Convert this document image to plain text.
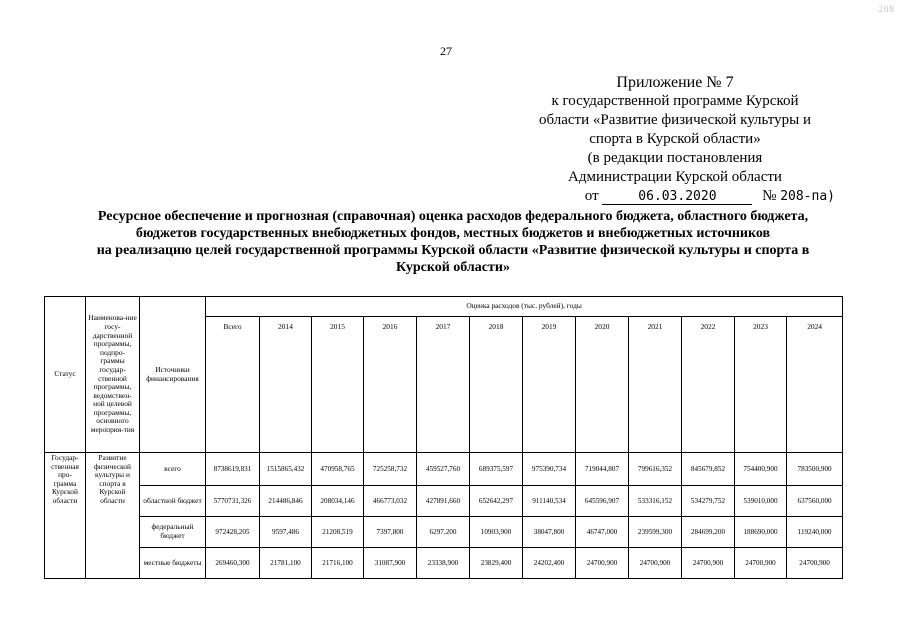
208
27
Приложение № 7
к государственной программе Курской
области «Развитие физической культуры и
спорта в Курской области»
(в редакции постановления
Администрации Курской области
от	06.03.2020	№ 208-па)
Ресурсное обеспечение и прогнозная (справочная) оценка расходов федерального бюджета, областного бюджета,
бюджетов государственных внебюджетных фондов, местных бюджетов и внебюджетных источников
на реализацию целей государственной программы Курской области «Развитие физической культуры и спорта в
Курской области»
Статус	Наименова-ние госу-дарственной программы, подпро-граммы государ-ственной программы, ведомствен-ной целевой программы, основного мероприя-тия	Источники финансирования	Оценка расходов (тыс. рублей), годы											
			Всего	2014	2015	2016	2017	2018	2019	2020	2021	2022	2023	2024
Государ-ственная про-грамма Курской области	Развитие физической культуры и спорта в Курской области	всего	8738619,831	1515865,432	470958,765	725258,732	459527,760	689375,597	975390,734	719044,807	799616,352	845679,852	754400,900	783500,900
		областной бюджет	5770731,326	214486,846	208034,146	466773,032	427891,660	652642,297	911140,534	645596,907	533316,152	534279,752	539010,000	637560,000
		федеральный бюджет	972428,205	9597,486	21208,519	7397,800	6297,200	10903,900	38047,800	46747,000	239599,300	284699,200	188690,000	119240,000
		местные бюджеты	269460,300	21781,100	21716,100	31087,900	23338,900	23829,400	24202,400	24700,900	24700,900	24700,900	24700,900	24700,900
